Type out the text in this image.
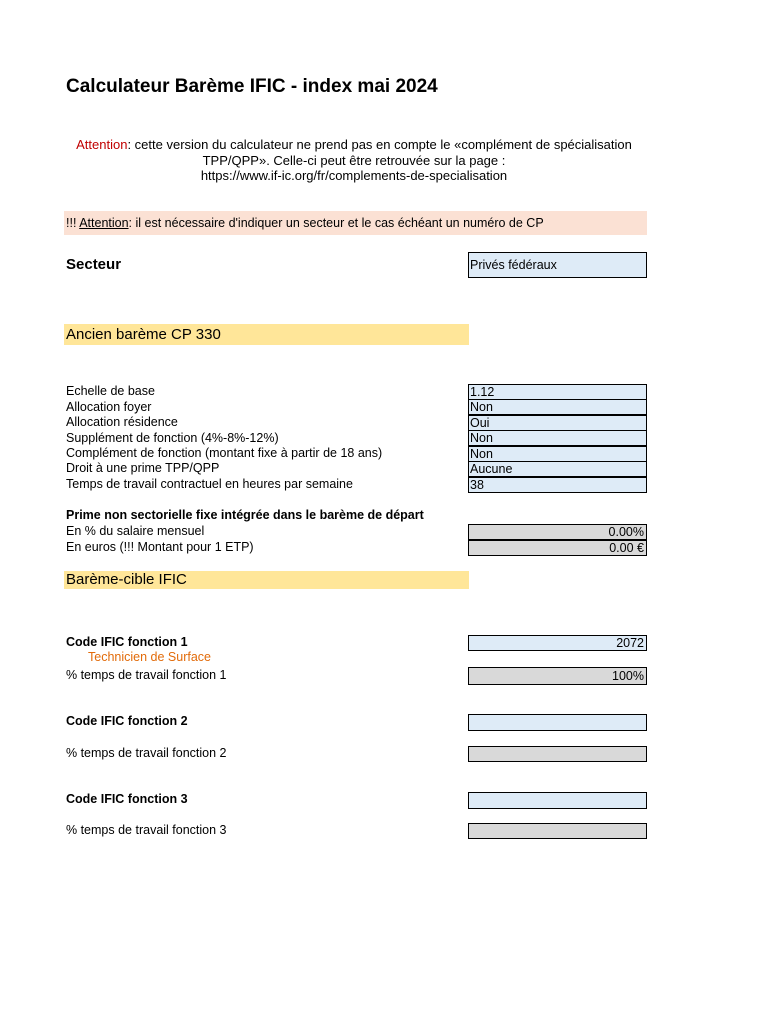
Calculateur Barème IFIC - index mai 2024
Attention: cette version du calculateur ne prend pas en compte le «complément de spécialisation TPP/QPP». Celle-ci peut être retrouvée sur la page :
https://www.if-ic.org/fr/complements-de-specialisation
!!! Attention: il est nécessaire d'indiquer un secteur et le cas échéant un numéro de CP
Secteur	Privés fédéraux
Ancien barème CP 330
Echelle de base	1.12
Allocation foyer	Non
Allocation résidence	Oui
Supplément de fonction (4%-8%-12%)	Non
Complément de fonction (montant fixe à partir de 18 ans)	Non
Droit à une prime TPP/QPP	Aucune
Temps de travail contractuel en heures par semaine	38
Prime non sectorielle fixe intégrée dans le barème de départ
En % du salaire mensuel	0.00%
En euros (!!! Montant pour 1 ETP)	0.00 €
Barème-cible IFIC
Code IFIC fonction 1	2072
Technicien de Surface
% temps de travail fonction 1	100%
Code IFIC fonction 2
% temps de travail fonction 2
Code IFIC fonction 3
% temps de travail fonction 3
